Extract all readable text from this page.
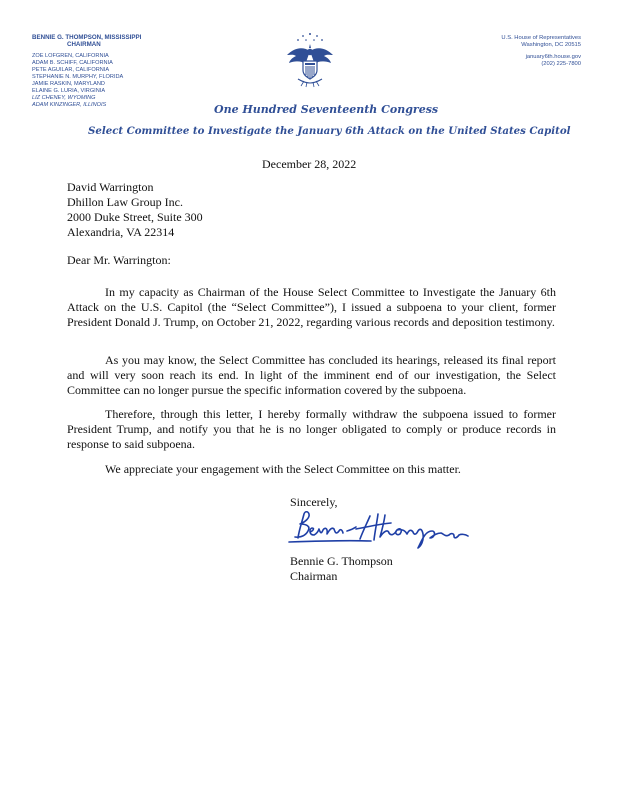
BENNIE G. THOMPSON, MISSISSIPPI
CHAIRMAN
ZOE LOFGREN, CALIFORNIA
ADAM B. SCHIFF, CALIFORNIA
PETE AGUILAR, CALIFORNIA
STEPHANIE N. MURPHY, FLORIDA
JAMIE RASKIN, MARYLAND
ELAINE G. LURIA, VIRGINIA
LIZ CHENEY, WYOMING
ADAM KINZINGER, ILLINOIS
U.S. House of Representatives
Washington, DC 20515
january6th.house.gov
(202) 225-7800
One Hundred Seventeenth Congress
Select Committee to Investigate the January 6th Attack on the United States Capitol
December 28, 2022
David Warrington
Dhillon Law Group Inc.
2000 Duke Street, Suite 300
Alexandria, VA 22314
Dear Mr. Warrington:
In my capacity as Chairman of the House Select Committee to Investigate the January 6th Attack on the U.S. Capitol (the “Select Committee”), I issued a subpoena to your client, former President Donald J. Trump, on October 21, 2022, regarding various records and deposition testimony.
As you may know, the Select Committee has concluded its hearings, released its final report and will very soon reach its end. In light of the imminent end of our investigation, the Select Committee can no longer pursue the specific information covered by the subpoena.
Therefore, through this letter, I hereby formally withdraw the subpoena issued to former President Trump, and notify you that he is no longer obligated to comply or produce records in response to said subpoena.
We appreciate your engagement with the Select Committee on this matter.
Sincerely,
Bennie G. Thompson
Chairman
